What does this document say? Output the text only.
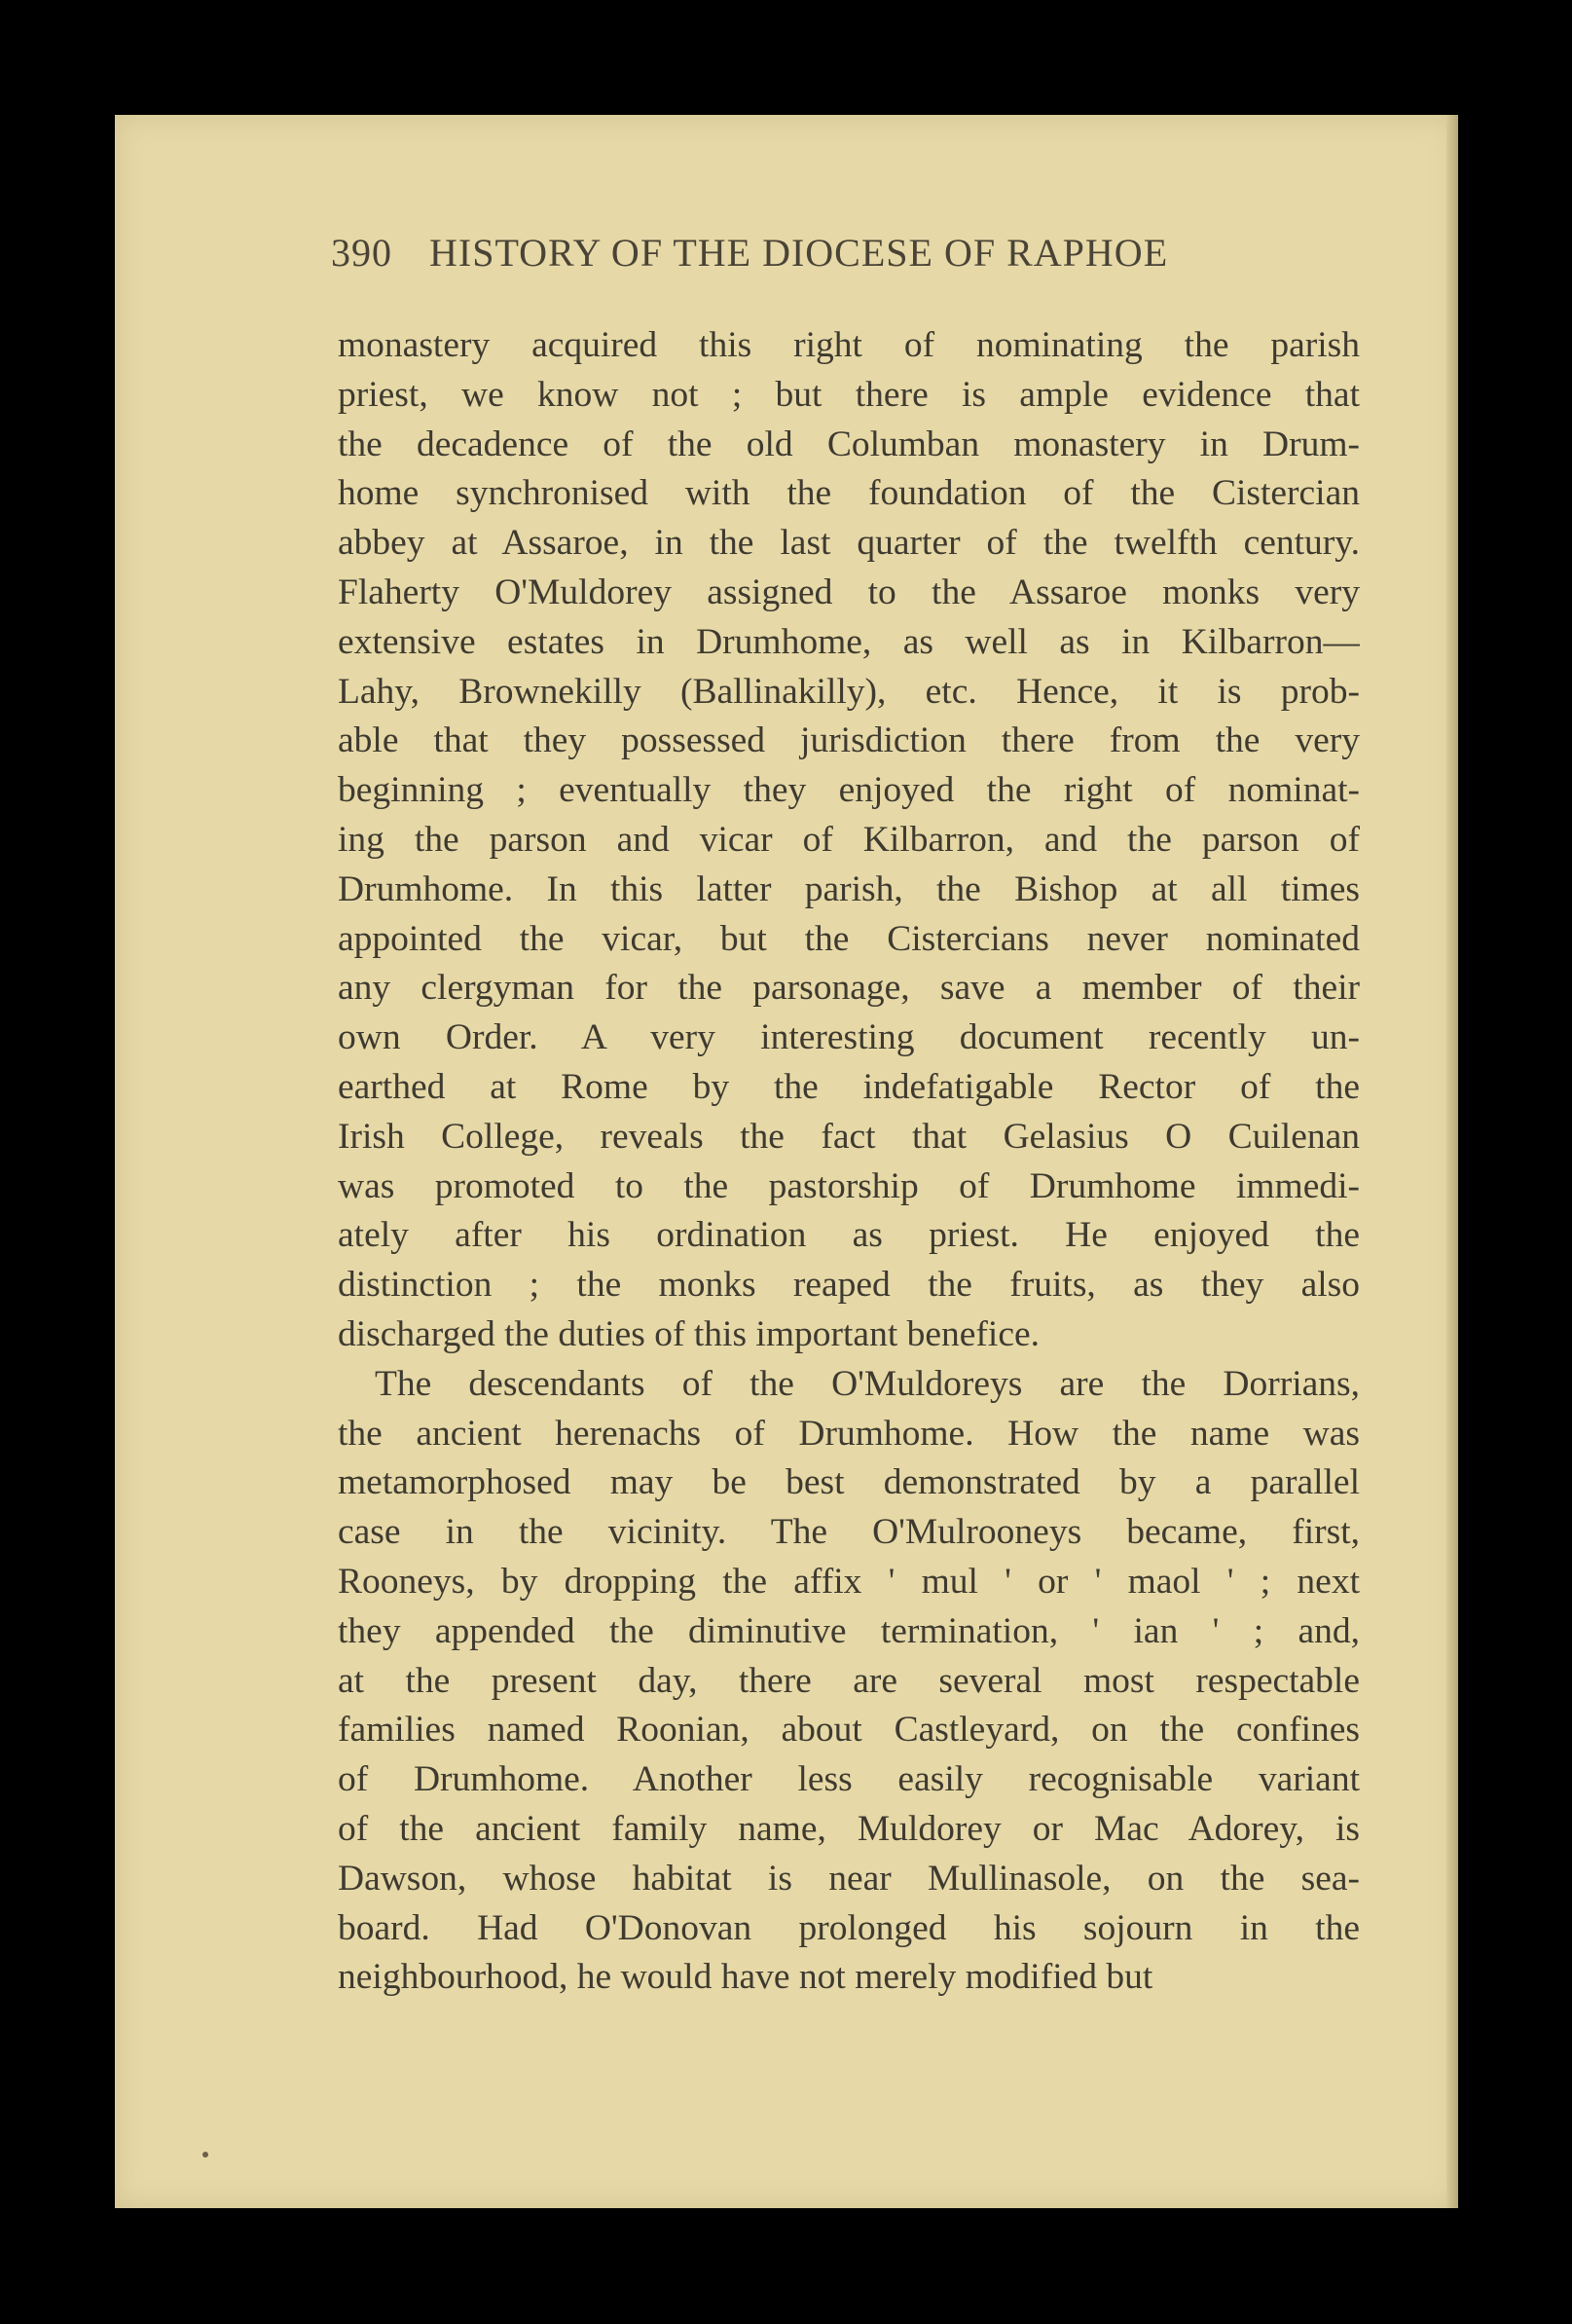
390 HISTORY OF THE DIOCESE OF RAPHOE
monastery acquired this right of nominating the parish
priest, we know not ; but there is ample evidence that
the decadence of the old Columban monastery in Drum-
home synchronised with the foundation of the Cistercian
abbey at Assaroe, in the last quarter of the twelfth century.
Flaherty O'Muldorey assigned to the Assaroe monks very
extensive estates in Drumhome, as well as in Kilbarron—
Lahy, Brownekilly (Ballinakilly), etc. Hence, it is prob-
able that they possessed jurisdiction there from the very
beginning ; eventually they enjoyed the right of nominat-
ing the parson and vicar of Kilbarron, and the parson of
Drumhome. In this latter parish, the Bishop at all times
appointed the vicar, but the Cistercians never nominated
any clergyman for the parsonage, save a member of their
own Order. A very interesting document recently un-
earthed at Rome by the indefatigable Rector of the
Irish College, reveals the fact that Gelasius O Cuilenan
was promoted to the pastorship of Drumhome immedi-
ately after his ordination as priest. He enjoyed the
distinction ; the monks reaped the fruits, as they also
discharged the duties of this important benefice.
The descendants of the O'Muldoreys are the Dorrians,
the ancient herenachs of Drumhome. How the name was
metamorphosed may be best demonstrated by a parallel
case in the vicinity. The O'Mulrooneys became, first,
Rooneys, by dropping the affix ' mul ' or ' maol ' ; next
they appended the diminutive termination, ' ian ' ; and,
at the present day, there are several most respectable
families named Roonian, about Castleyard, on the confines
of Drumhome. Another less easily recognisable variant
of the ancient family name, Muldorey or Mac Adorey, is
Dawson, whose habitat is near Mullinasole, on the sea-
board. Had O'Donovan prolonged his sojourn in the
neighbourhood, he would have not merely modified but
